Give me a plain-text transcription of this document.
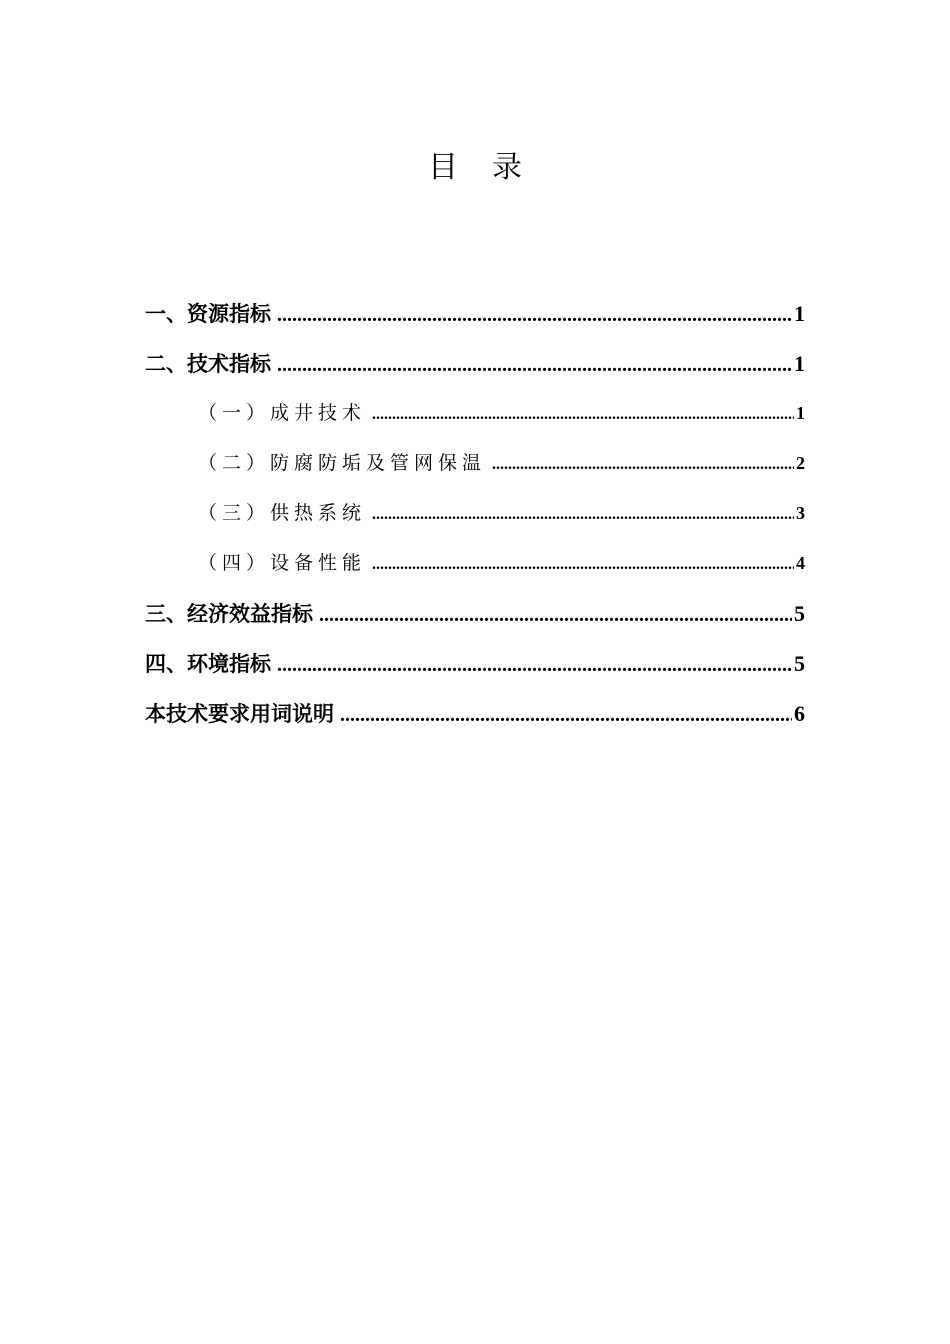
目录
一、资源指标 .....	1
二、技术指标 .....	1
（一）成井技术 .....	1
（二）防腐防垢及管网保温 .....	2
（三）供热系统 .....	3
（四）设备性能 .....	4
三、经济效益指标 .....	5
四、环境指标 .....	5
本技术要求用词说明 .....	6
